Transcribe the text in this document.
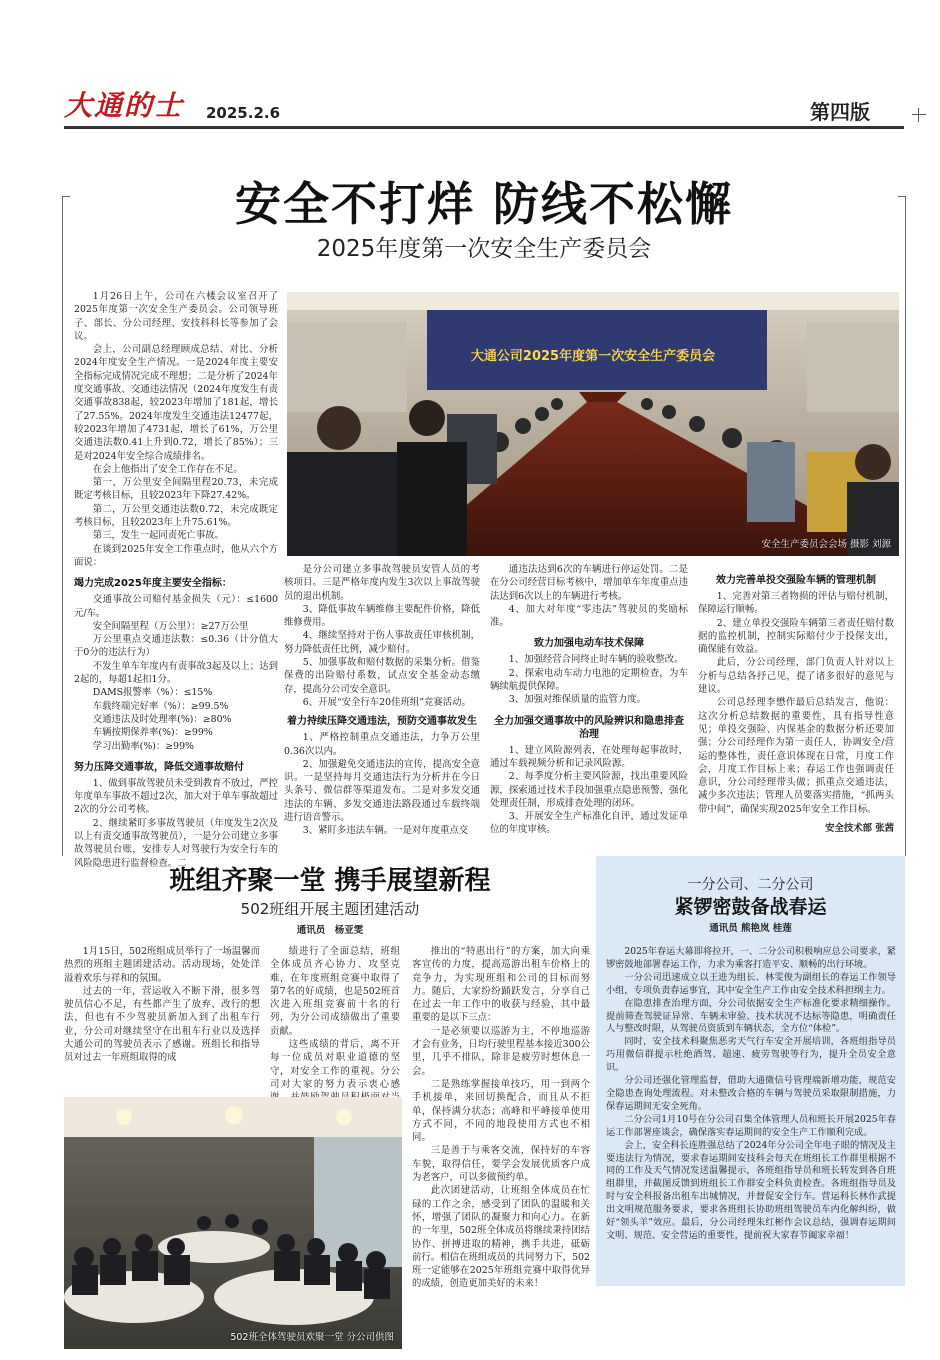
大通的士	2025.2.6	第四版
安全不打烊 防线不松懈
2025年度第一次安全生产委员会

1月26日上午，公司在六楼会议室召开了2025年度第一次安全生产委员会。公司领导班子、部长、分公司经理、安技科科长等参加了会议。

会上，公司副总经理顾成总结、对比、分析2024年度安全生产情况。一是2024年度主要安全指标完成情况完成不理想；二是分析了2024年度交通事故、交通违法情况（2024年度发生有责交通事故838起，较2023年增加了181起，增长了27.55%。2024年度发生交通违法12477起，较2023年增加了4731起，增长了61%，万公里交通违法数0.41上升到0.72，增长了85%）；三是对2024年安全综合成绩排名。

在会上他指出了安全工作存在不足。

第一，万公里安全间隔里程20.73，未完成既定考核目标，且较2023年下降27.42%。

第二，万公里交通违法数0.72，未完成既定考核目标，且较2023年上升75.61%。

第三，发生一起同责死亡事故。

在谈到2025年安全工作重点时，他从六个方面说：

竭力完成2025年度主要安全指标：

交通事故公司赔付基金损失（元）：≤1600元/车。

安全间隔里程（万公里）：≥27万公里

万公里重点交通违法数：≤0.36（计分值大于0分的违法行为）

不发生单车年度内有责事故3起及以上；达到2起的，每超1起扣1分。

DAMS报警率（%）：≤15%

车载终端完好率（%）：≥99.5%

交通违法及时处理率(%)：≥80%

车辆按期保养率(%)：≥99%

学习出勤率(%)：≥99%

努力压降交通事故，降低交通事故赔付

1、做到事故驾驶员未受到教育不放过，严控年度单车事故不超过2次，加大对于单车事故超过2次的分公司考核。

2、继续紧盯多事故驾驶员（年度发生2次及以上有责交通事故驾驶员），一是分公司建立多事故驾驶员台账，安排专人对驾驶行为安全行车的风险隐患进行监督检查。二

大通公司2025年度第一次安全生产委员会
安全生产委员会会场 摄影 刘源

是分公司建立多事故驾驶员安管人员的考核项目。三是严格年度内发生3次以上事故驾驶员的退出机制。

3、降低事故车辆维修主要配件价格，降低维修费用。

4、继续坚持对于伤人事故责任审核机制，努力降低责任比例，减少赔付。

5、加强事故和赔付数据的采集分析。借鉴保费的出险赔付系数，试点安全基金动态缴存，提高分公司安全意识。

6、开展“安全行车20佳班组”竞赛活动。

着力持续压降交通违法，预防交通事故发生

1、严格控制重点交通违法，力争万公里0.36次以内。

2、加强避免交通违法的宣传，提高安全意识。一是坚持每月交通违法行为分析并在今日头条号、微信群等渠道发布。二是对多发交通违法的车辆、多发交通违法路段通过车载终端进行语音警示。

3、紧盯多违法车辆。一是对年度重点交

通违法达到6次的车辆进行停运处罚。二是在分公司经营目标考核中，增加单车年度重点违法达到6次以上的车辆进行考核。

4、加大对年度“零违法”驾驶员的奖励标准。

致力加强电动车技术保障

1、加强经营合同终止时车辆的验收整改。

2、探索电动车动力电池的定期检查，为车辆续航提供保障。

3、加强对维保质量的监管力度。

全力加强交通事故中的风险辨识和隐患排查治理

1、建立风险源列表，在处理每起事故时，通过车载视频分析和记录风险源。

2、每季度分析主要风险源，找出重要风险源，探索通过技术手段加强重点隐患预警，强化处理责任制，形成排查处理的闭环。

3、开展安全生产标准化自评，通过发证单位的年度审核。

效力完善单投交强险车辆的管理机制

1、完善对第三者物损的评估与赔付机制，保障运行顺畅。

2、建立单投交强险车辆第三者责任赔付数据的监控机制，控制实际赔付少于投保支出，确保能有效益。

此后，分公司经理，部门负责人针对以上分析与总结各抒己见，提了诸多很好的意见与建议。

公司总经理李懋作最后总结发言，他说：这次分析总结数据的重要性，具有指导性意见；单投交强险、内保基金的数据分析还要加强；分公司经理作为第一责任人，协调安全/营运的整体性，责任意识体现在日常，月度工作会，月度工作目标上来；春运工作也强调责任意识，分公司经理带头做；抓重点交通违法，减少多次违法；管理人员要落实措施，“抓两头带中间”，确保实现2025年安全工作目标。

安全技术部 张茜
班组齐聚一堂 携手展望新程
502班组开展主题团建活动
通讯员　杨亚雯

1月15日，502班组成员举行了一场温馨而热烈的班组主题团建活动。活动现场，处处洋溢着欢乐与祥和的氛围。

过去的一年，营运收入不断下滑，很多驾驶员信心不足，有些都产生了放弃、改行的想法，但也有不少驾驶员新加入到了出租车行业，分公司对继续坚守在出租车行业以及选择大通公司的驾驶员表示了感谢。班组长和指导员对过去一年班组取得的成

绩进行了全面总结，班组全体成员齐心协力、攻坚克难，在年度班组竞赛中取得了第7名的好成绩，也是502班首次进入班组竞赛前十名的行列，为分公司成绩做出了重要贡献。

这些成绩的背后，离不开每一位成员对职业道德的坚守，对安全工作的重视。分公司对大家的努力表示衷心感

推出的“特惠出行”的方案，加大向乘客宣传的力度，提高巡游出租车价格上的竞争力，为实现班组和公司的目标而努力。随后，大家纷纷踊跃发言，分享自己在过去一年工作中的收获与经验，其中最重要的是以下三点：

一是必须要以巡游为主，不停地巡游才会有业务，日均行驶里程基本接近300公里，几乎不排队，除非是疲劳时想休息一会。

二是熟练掌握接单技巧，用一到两个手机接单，来回切换配合，而且从不拒单，保持满分状态；高峰和平峰接单使用方式不同，不同的地段使用方式也不相同。

三是善于与乘客交流，保持好的车容车貌，取得信任，要学会发展优质客户成为老客户，可以多做预约单。

此次团建活动，让班组全体成员在忙碌的工作之余，感受到了团队的温暖和关怀，增强了团队的凝聚力和向心力。在新的一年里，502班全体成员将继续秉持团结协作、拼搏进取的精神，携手共进，砥砺前行。相信在班组成员的共同努力下，502班一定能够在2025年班组竞赛中取得优异的成绩，创造更加美好的未来！

502班全体驾驶员欢聚一堂 分公司供图
一分公司、二分公司
紧锣密鼓备战春运
通讯员 熊艳岚 桂莲

2025年春运大幕即将拉开，一、二分公司积极响应总公司要求，紧锣密鼓地部署春运工作，力求为乘客打造平安、顺畅的出行环境。

一分公司迅速成立以王进为组长、林雯俊为副组长的春运工作领导小组，专项负责春运事宜，其中安全生产工作由安全技术科担纲主力。

在隐患排查治理方面，分公司依据安全生产标准化要求精细操作。提前筛查驾驶证异常、车辆未审验、技术状况不达标等隐患，明确责任人与整改时限，从驾驶员资质到车辆状态，全方位“体检”。

同时，安全技术科聚焦恶劣天气行车安全开展培训，各班组指导员巧用微信群提示杜绝酒驾、超速、疲劳驾驶等行为，提升全员安全意识。

分公司还强化管理监督，借助大通微信号管理端新增功能，规范安全隐患查询处理流程。对未整改合格的车辆与驾驶员采取限制措施，力保春运期间无安全死角。

二分公司1月10号在分公司召集全体管理人员和班长开展2025年春运工作部署座谈会，确保落实春运期间的安全生产工作顺利完成。

会上，安全科长连胜强总结了2024年分公司全年电子眼的情况及主要违法行为情况，要求春运期间安技科会每天在班组长工作群里根据不同的工作及天气情况发送温馨提示，各班组指导员和班长转发到各自班组群里，并截图反馈到班组长工作群安全科负责检查。各班组指导员及时与安全科报备出租车出城情况，并督促安全行车。营运科长林作武提出文明规范服务要求，要求各班组长协助班组驾驶员车内化解纠纷，做好“领头羊”效应。最后，分公司经理朱红彬作会议总结，强调春运期间文明、规范、安全营运的重要性，提前祝大家春节阖家幸福！
